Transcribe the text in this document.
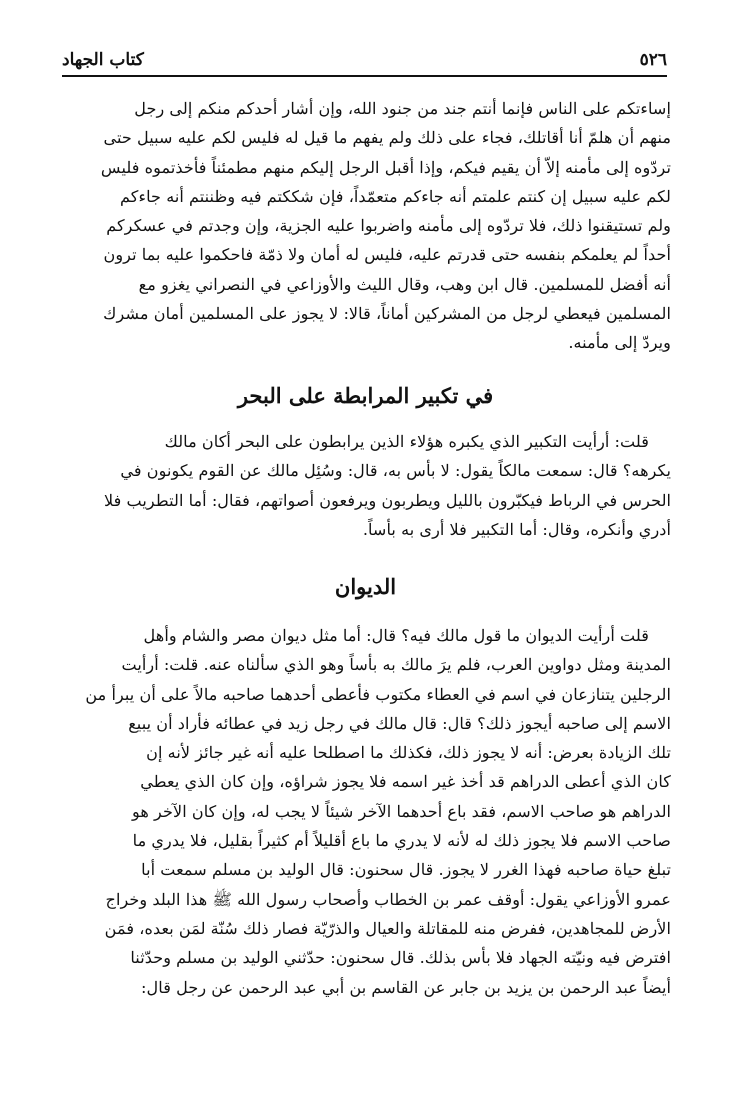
٥٢٦
كتاب الجهاد
إساءتكم على الناس فإنما أنتم جند من جنود الله، وإن أشار أحدكم منكم إلى رجل
منهم أن هلمّ أنا أقاتلك، فجاء على ذلك ولم يفهم ما قيل له فليس لكم عليه سبيل حتى
تردّوه إلى مأمنه إلاّ أن يقيم فيكم، وإذا أقبل الرجل إليكم منهم مطمئناً فأخذتموه فليس
لكم عليه سبيل إن كنتم علمتم أنه جاءكم متعمّداً، فإن شككتم فيه وظننتم أنه جاءكم
ولم تستيقنوا ذلك، فلا تردّوه إلى مأمنه واضربوا عليه الجزية، وإن وجدتم في عسكركم
أحداً لم يعلمكم بنفسه حتى قدرتم عليه، فليس له أمان ولا ذمّة فاحكموا عليه بما ترون
أنه أفضل للمسلمين. قال ابن وهب، وقال الليث والأوزاعي في النصراني يغزو مع
المسلمين فيعطي لرجل من المشركين أماناً، قالا: لا يجوز على المسلمين أمان مشرك
ويردّ إلى مأمنه.
في تكبير المرابطة على البحر
قلت: أرأيت التكبير الذي يكبره هؤلاء الذين يرابطون على البحر أكان مالك
يكرهه؟ قال: سمعت مالكاً يقول: لا بأس به، قال: وسُئِل مالك عن القوم يكونون في
الحرس في الرباط فيكبّرون بالليل ويطربون ويرفعون أصواتهم، فقال: أما التطريب فلا
أدري وأنكره، وقال: أما التكبير فلا أرى به بأساً.
الديوان
قلت أرأيت الديوان ما قول مالك فيه؟ قال: أما مثل ديوان مصر والشام وأهل
المدينة ومثل دواوين العرب، فلم يرَ مالك به بأساً وهو الذي سألناه عنه. قلت: أرأيت
الرجلين يتنازعان في اسم في العطاء مكتوب فأعطى أحدهما صاحبه مالاً على أن يبرأ من
الاسم إلى صاحبه أيجوز ذلك؟ قال: قال مالك في رجل زيد في عطائه فأراد أن يبيع
تلك الزيادة بعرض: أنه لا يجوز ذلك، فكذلك ما اصطلحا عليه أنه غير جائز لأنه إن
كان الذي أعطى الدراهم قد أخذ غير اسمه فلا يجوز شراؤه، وإن كان الذي يعطي
الدراهم هو صاحب الاسم، فقد باع أحدهما الآخر شيئاً لا يجب له، وإن كان الآخر هو
صاحب الاسم فلا يجوز ذلك له لأنه لا يدري ما باع أقليلاً أم كثيراً بقليل، فلا يدري ما
تبلغ حياة صاحبه فهذا الغرر لا يجوز. قال سحنون: قال الوليد بن مسلم سمعت أبا
عمرو الأوزاعي يقول: أوقف عمر بن الخطاب وأصحاب رسول الله ﷺ هذا البلد وخراج
الأرض للمجاهدين، ففرض منه للمقاتلة والعيال والذرّيّة فصار ذلك سُنّة لمَن بعده، فمَن
افترض فيه ونيّته الجهاد فلا بأس بذلك. قال سحنون: حدّثني الوليد بن مسلم وحدّثنا
أيضاً عبد الرحمن بن يزيد بن جابر عن القاسم بن أبي عبد الرحمن عن رجل قال:
